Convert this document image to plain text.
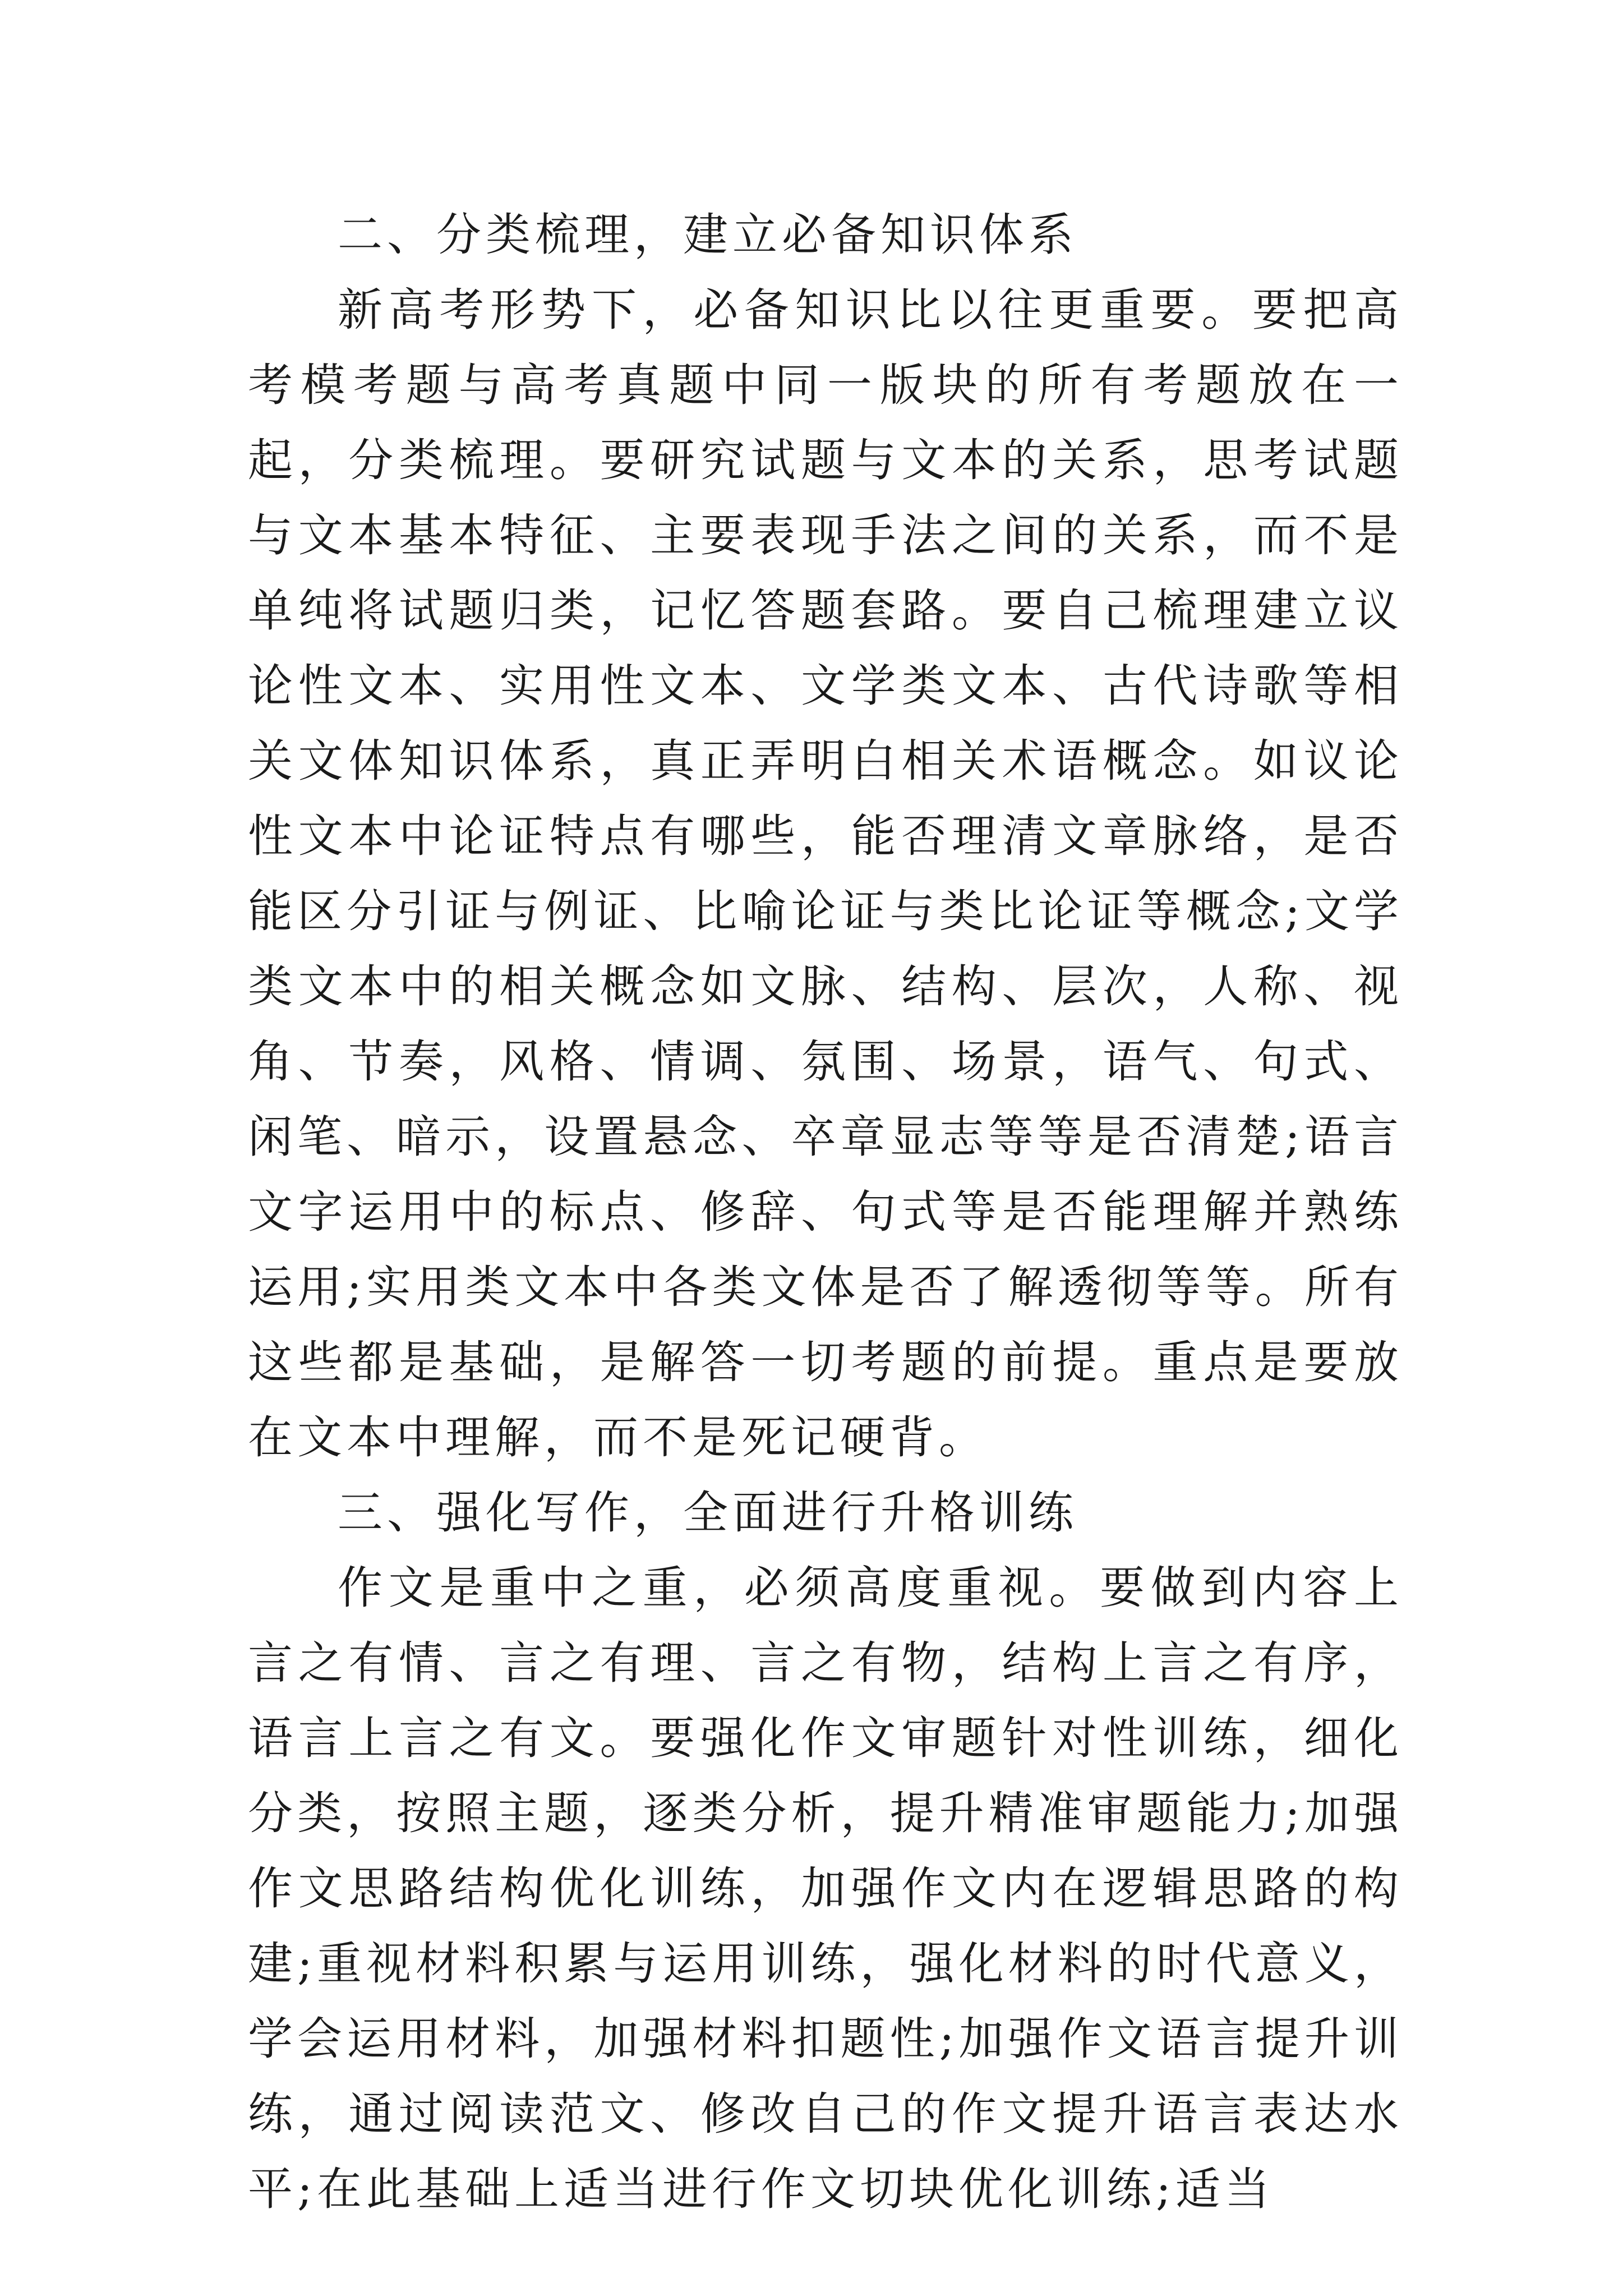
二、分类梳理，建立必备知识体系

新高考形势下，必备知识比以往更重要。要把高考模考题与高考真题中同一版块的所有考题放在一起，分类梳理。要研究试题与文本的关系，思考试题与文本基本特征、主要表现手法之间的关系，而不是单纯将试题归类，记忆答题套路。要自己梳理建立议论性文本、实用性文本、文学类文本、古代诗歌等相关文体知识体系，真正弄明白相关术语概念。如议论性文本中论证特点有哪些，能否理清文章脉络，是否能区分引证与例证、比喻论证与类比论证等概念;文学类文本中的相关概念如文脉、结构、层次，人称、视角、节奏，风格、情调、氛围、场景，语气、句式、闲笔、暗示，设置悬念、卒章显志等等是否清楚;语言文字运用中的标点、修辞、句式等是否能理解并熟练运用;实用类文本中各类文体是否了解透彻等等。所有这些都是基础，是解答一切考题的前提。重点是要放在文本中理解，而不是死记硬背。

三、强化写作，全面进行升格训练

作文是重中之重，必须高度重视。要做到内容上言之有情、言之有理、言之有物，结构上言之有序，语言上言之有文。要强化作文审题针对性训练，细化分类，按照主题，逐类分析，提升精准审题能力;加强作文思路结构优化训练，加强作文内在逻辑思路的构建;重视材料积累与运用训练，强化材料的时代意义，学会运用材料，加强材料扣题性;加强作文语言提升训练，通过阅读范文、修改自己的作文提升语言表达水平;在此基础上适当进行作文切块优化训练;适当
